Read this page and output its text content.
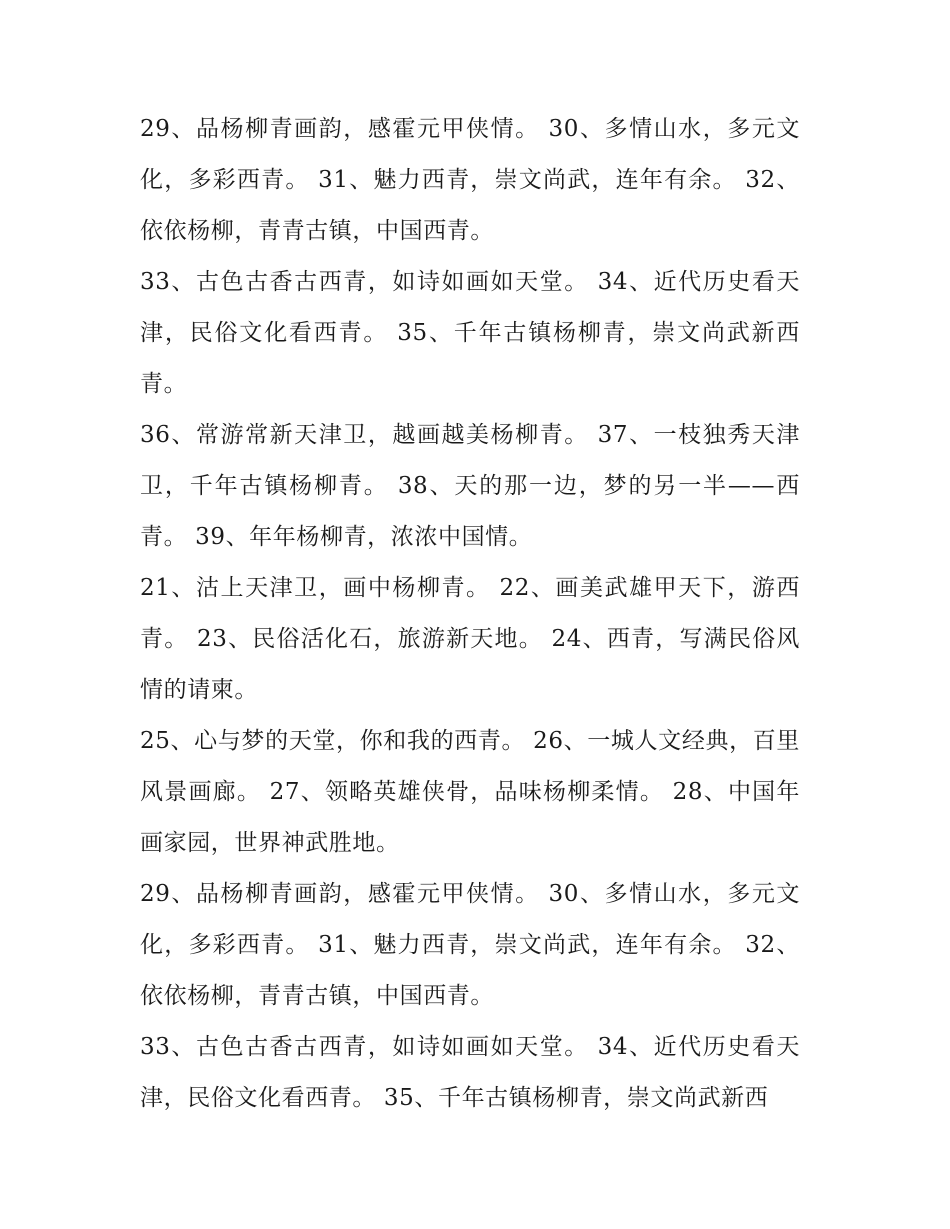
29、品杨柳青画韵，感霍元甲侠情。 30、多情山水，多元文化，多彩西青。 31、魅力西青，崇文尚武，连年有余。 32、依依杨柳，青青古镇，中国西青。

33、古色古香古西青，如诗如画如天堂。 34、近代历史看天津，民俗文化看西青。 35、千年古镇杨柳青，崇文尚武新西青。

36、常游常新天津卫，越画越美杨柳青。 37、一枝独秀天津卫，千年古镇杨柳青。 38、天的那一边，梦的另一半——西青。 39、年年杨柳青，浓浓中国情。

21、沽上天津卫，画中杨柳青。 22、画美武雄甲天下，游西青。 23、民俗活化石，旅游新天地。 24、西青，写满民俗风情的请柬。

25、心与梦的天堂，你和我的西青。 26、一城人文经典，百里风景画廊。 27、领略英雄侠骨，品味杨柳柔情。 28、中国年画家园，世界神武胜地。

29、品杨柳青画韵，感霍元甲侠情。 30、多情山水，多元文化，多彩西青。 31、魅力西青，崇文尚武，连年有余。 32、依依杨柳，青青古镇，中国西青。

33、古色古香古西青，如诗如画如天堂。 34、近代历史看天津，民俗文化看西青。 35、千年古镇杨柳青，崇文尚武新西
